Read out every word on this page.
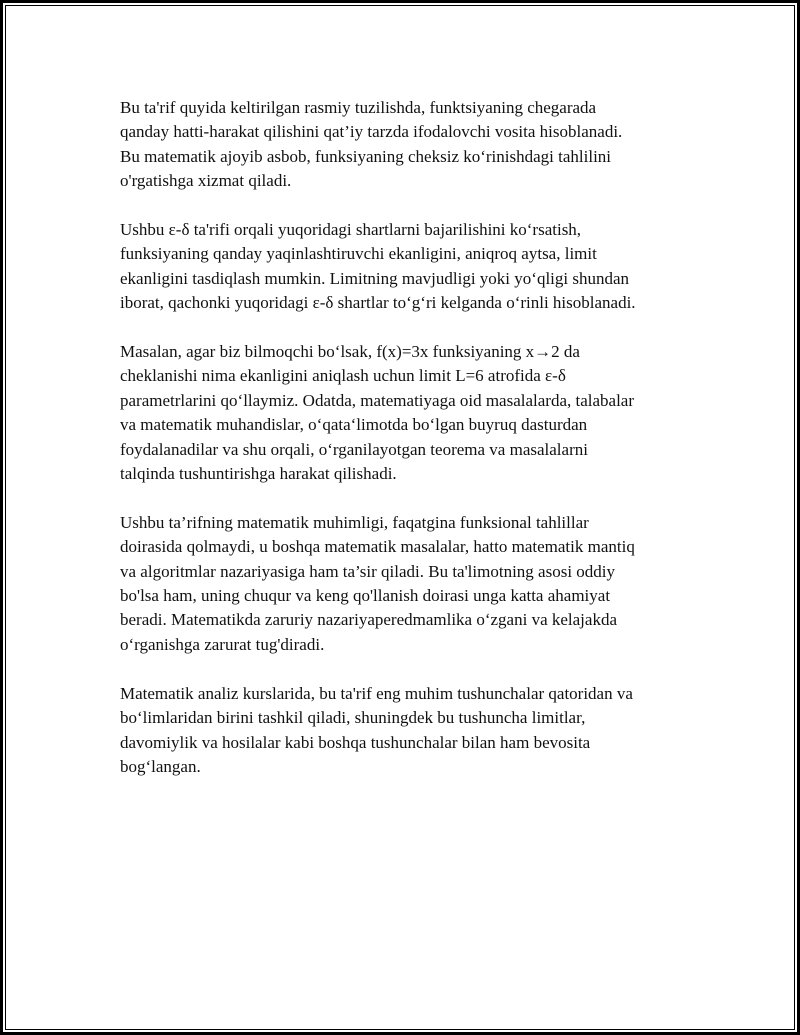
Bu ta'rif quyida keltirilgan rasmiy tuzilishda, funktsiyaning chegarada
qanday hatti-harakat qilishini qat’iy tarzda ifodalovchi vosita hisoblanadi.
Bu matematik ajoyib asbob, funksiyaning cheksiz koʻrinishdagi tahlilini
o'rgatishga xizmat qiladi.

Ushbu ε-δ ta'rifi orqali yuqoridagi shartlarni bajarilishini koʻrsatish,
funksiyaning qanday yaqinlashtiruvchi ekanligini, aniqroq aytsa, limit
ekanligini tasdiqlash mumkin. Limitning mavjudligi yoki yoʻqligi shundan
iborat, qachonki yuqoridagi ε-δ shartlar toʻgʻri kelganda oʻrinli hisoblanadi.

Masalan, agar biz bilmoqchi boʻlsak, f(x)=3x funksiyaning x→2 da
cheklanishi nima ekanligini aniqlash uchun limit L=6 atrofida ε-δ
parametrlarini qoʻllaymiz. Odatda, matematiyaga oid masalalarda, talabalar
va matematik muhandislar, oʻqataʻlimotda boʻlgan buyruq dasturdan
foydalanadilar va shu orqali, oʻrganilayotgan teorema va masalalarni
talqinda tushuntirishga harakat qilishadi.

Ushbu ta’rifning matematik muhimligi, faqatgina funksional tahlillar
doirasida qolmaydi, u boshqa matematik masalalar, hatto matematik mantiq
va algoritmlar nazariyasiga ham ta’sir qiladi. Bu ta'limotning asosi oddiy
bo'lsa ham, uning chuqur va keng qo'llanish doirasi unga katta ahamiyat
beradi. Matematikda zaruriy nazariyaperedmamlika oʻzgani va kelajakda
oʻrganishga zarurat tug'diradi.

Matematik analiz kurslarida, bu ta'rif eng muhim tushunchalar qatoridan va
boʻlimlaridan birini tashkil qiladi, shuningdek bu tushuncha limitlar,
davomiylik va hosilalar kabi boshqa tushunchalar bilan ham bevosita
bogʻlangan.
